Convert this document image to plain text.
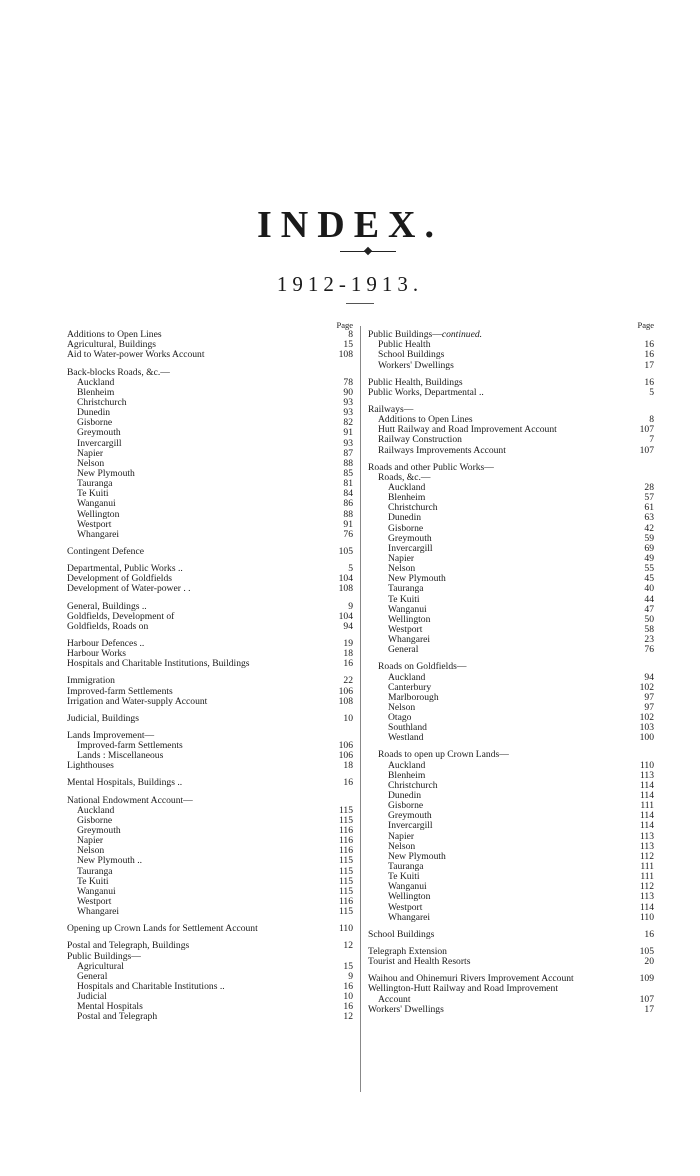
INDEX.
1912-1913.
Page
Additions to Open Lines	8
Agricultural, Buildings	15
Aid to Water-power Works Account	108
Back-blocks Roads, &c.—
Auckland	78
Blenheim	90
Christchurch	93
Dunedin	93
Gisborne	82
Greymouth	91
Invercargill	93
Napier	87
Nelson	88
New Plymouth	85
Tauranga	81
Te Kuiti	84
Wanganui	86
Wellington	88
Westport	91
Whangarei	76
Contingent Defence	105
Departmental, Public Works ..	5
Development of Goldfields	104
Development of Water-power . .	108
General, Buildings ..	9
Goldfields, Development of	104
Goldfields, Roads on	94
Harbour Defences ..	19
Harbour Works	18
Hospitals and Charitable Institutions, Buildings	16
Immigration	22
Improved-farm Settlements	106
Irrigation and Water-supply Account	108
Judicial, Buildings	10
Lands Improvement—
Improved-farm Settlements	106
Lands : Miscellaneous	106
Lighthouses	18
Mental Hospitals, Buildings ..	16
National Endowment Account—
Auckland	115
Gisborne	115
Greymouth	116
Napier	116
Nelson	116
New Plymouth ..	115
Tauranga	115
Te Kuiti	115
Wanganui	115
Westport	116
Whangarei	115
Opening up Crown Lands for Settlement Account	110
Postal and Telegraph, Buildings	12
Public Buildings—
Agricultural	15
General	9
Hospitals and Charitable Institutions ..	16
Judicial	10
Mental Hospitals	16
Postal and Telegraph	12
Page
Public Buildings—continued.
Public Health	16
School Buildings	16
Workers' Dwellings	17
Public Health, Buildings	16
Public Works, Departmental ..	5
Railways—
Additions to Open Lines	8
Hutt Railway and Road Improvement Account	107
Railway Construction	7
Railways Improvements Account	107
Roads and other Public Works—
Roads, &c.—
Auckland	28
Blenheim	57
Christchurch	61
Dunedin	63
Gisborne	42
Greymouth	59
Invercargill	69
Napier	49
Nelson	55
New Plymouth	45
Tauranga	40
Te Kuiti	44
Wanganui	47
Wellington	50
Westport	58
Whangarei	23
General	76
Roads on Goldfields—
Auckland	94
Canterbury	102
Marlborough	97
Nelson	97
Otago	102
Southland	103
Westland	100
Roads to open up Crown Lands—
Auckland	110
Blenheim	113
Christchurch	114
Dunedin	114
Gisborne	111
Greymouth	114
Invercargill	114
Napier	113
Nelson	113
New Plymouth	112
Tauranga	111
Te Kuiti	111
Wanganui	112
Wellington	113
Westport	114
Whangarei	110
School Buildings	16
Telegraph Extension	105
Tourist and Health Resorts	20
Waihou and Ohinemuri Rivers Improvement Account	109
Wellington-Hutt Railway and Road Improvement
Account	107
Workers' Dwellings	17
